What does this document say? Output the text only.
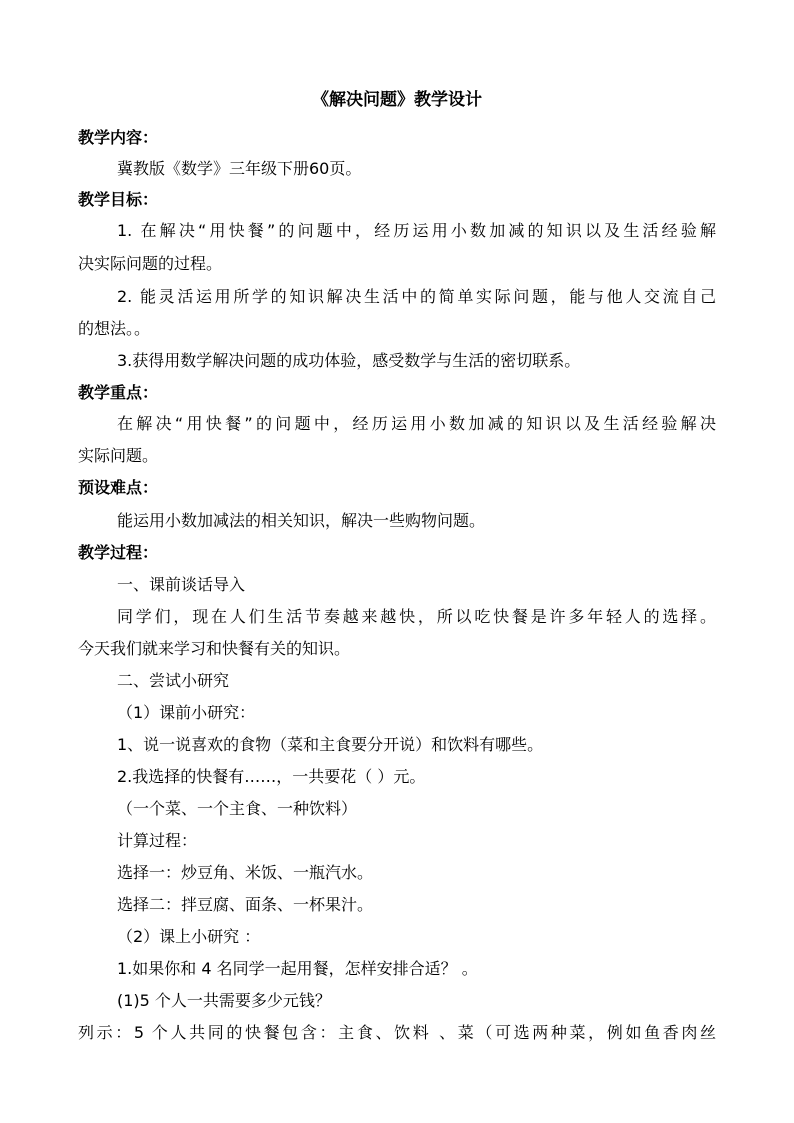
《解决问题》教学设计
教学内容：
冀教版《数学》三年级下册60页。
教学目标：
1. 在解决“用快餐”的问题中，经历运用小数加减的知识以及生活经验解
决实际问题的过程。
2. 能灵活运用所学的知识解决生活中的简单实际问题，能与他人交流自己
的想法。。
3.获得用数学解决问题的成功体验，感受数学与生活的密切联系。
教学重点：
在解决“用快餐”的问题中，经历运用小数加减的知识以及生活经验解决
实际问题。
预设难点：
能运用小数加减法的相关知识，解决一些购物问题。
教学过程：
一、课前谈话导入
同学们，现在人们生活节奏越来越快，所以吃快餐是许多年轻人的选择。
今天我们就来学习和快餐有关的知识。
二、尝试小研究
（1）课前小研究：
1、说一说喜欢的食物（菜和主食要分开说）和饮料有哪些。
2.我选择的快餐有……，一共要花（ ）元。
（一个菜、一个主食、一种饮料）
计算过程：
选择一：炒豆角、米饭、一瓶汽水。
选择二：拌豆腐、面条、一杯果汁。
（2）课上小研究 ：
1.如果你和 4 名同学一起用餐，怎样安排合适？ 。
(1)5 个人一共需要多少元钱？
列示：5 个人共同的快餐包含：主食、饮料 、菜（可选两种菜，例如鱼香肉丝
